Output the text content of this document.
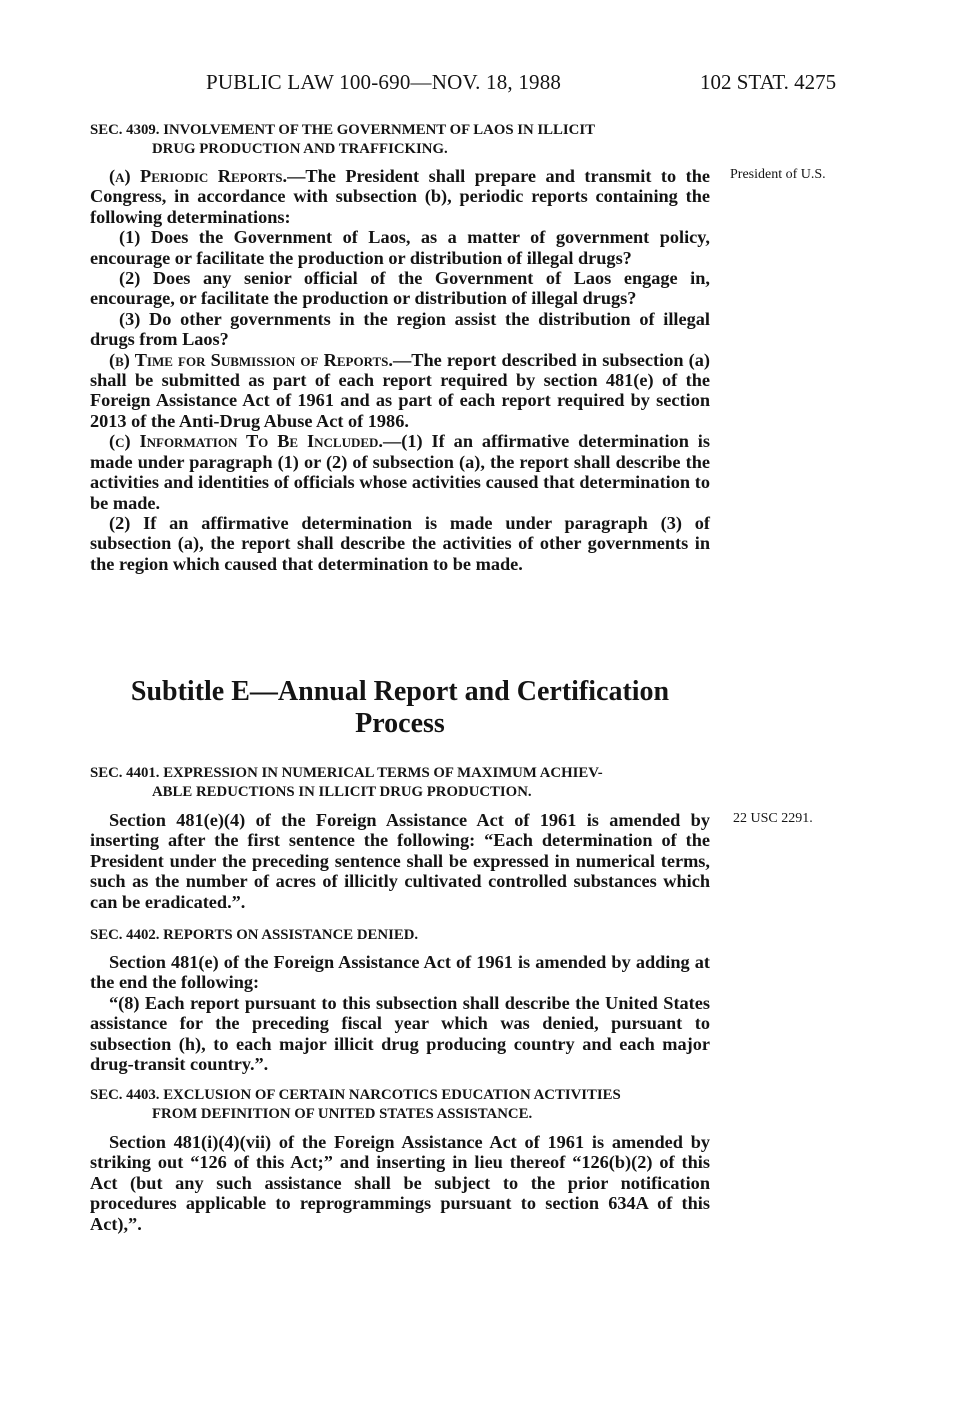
PUBLIC LAW 100-690—NOV. 18, 1988	102 STAT. 4275
SEC. 4309. INVOLVEMENT OF THE GOVERNMENT OF LAOS IN ILLICIT
DRUG PRODUCTION AND TRAFFICKING.
President of U.S.

(a) Periodic Reports.—The President shall prepare and transmit to the Congress, in accordance with subsection (b), periodic reports containing the following determinations:

(1) Does the Government of Laos, as a matter of government policy, encourage or facilitate the production or distribution of illegal drugs?

(2) Does any senior official of the Government of Laos engage in, encourage, or facilitate the production or distribution of illegal drugs?

(3) Do other governments in the region assist the distribution of illegal drugs from Laos?

(b) Time for Submission of Reports.—The report described in subsection (a) shall be submitted as part of each report required by section 481(e) of the Foreign Assistance Act of 1961 and as part of each report required by section 2013 of the Anti-Drug Abuse Act of 1986.

(c) Information To Be Included.—(1) If an affirmative determination is made under paragraph (1) or (2) of subsection (a), the report shall describe the activities and identities of officials whose activities caused that determination to be made.

(2) If an affirmative determination is made under paragraph (3) of subsection (a), the report shall describe the activities of other governments in the region which caused that determination to be made.

Subtitle E—Annual Report and Certification
Process
SEC. 4401. EXPRESSION IN NUMERICAL TERMS OF MAXIMUM ACHIEV-
ABLE REDUCTIONS IN ILLICIT DRUG PRODUCTION.
22 USC 2291.

Section 481(e)(4) of the Foreign Assistance Act of 1961 is amended by inserting after the first sentence the following: “Each determination of the President under the preceding sentence shall be expressed in numerical terms, such as the number of acres of illicitly cultivated controlled substances which can be eradicated.”.

SEC. 4402. REPORTS ON ASSISTANCE DENIED.

Section 481(e) of the Foreign Assistance Act of 1961 is amended by adding at the end the following:

“(8) Each report pursuant to this subsection shall describe the United States assistance for the preceding fiscal year which was denied, pursuant to subsection (h), to each major illicit drug producing country and each major drug-transit country.”.

SEC. 4403. EXCLUSION OF CERTAIN NARCOTICS EDUCATION ACTIVITIES
FROM DEFINITION OF UNITED STATES ASSISTANCE.

Section 481(i)(4)(vii) of the Foreign Assistance Act of 1961 is amended by striking out “126 of this Act;” and inserting in lieu thereof “126(b)(2) of this Act (but any such assistance shall be subject to the prior notification procedures applicable to reprogrammings pursuant to section 634A of this Act),”.
